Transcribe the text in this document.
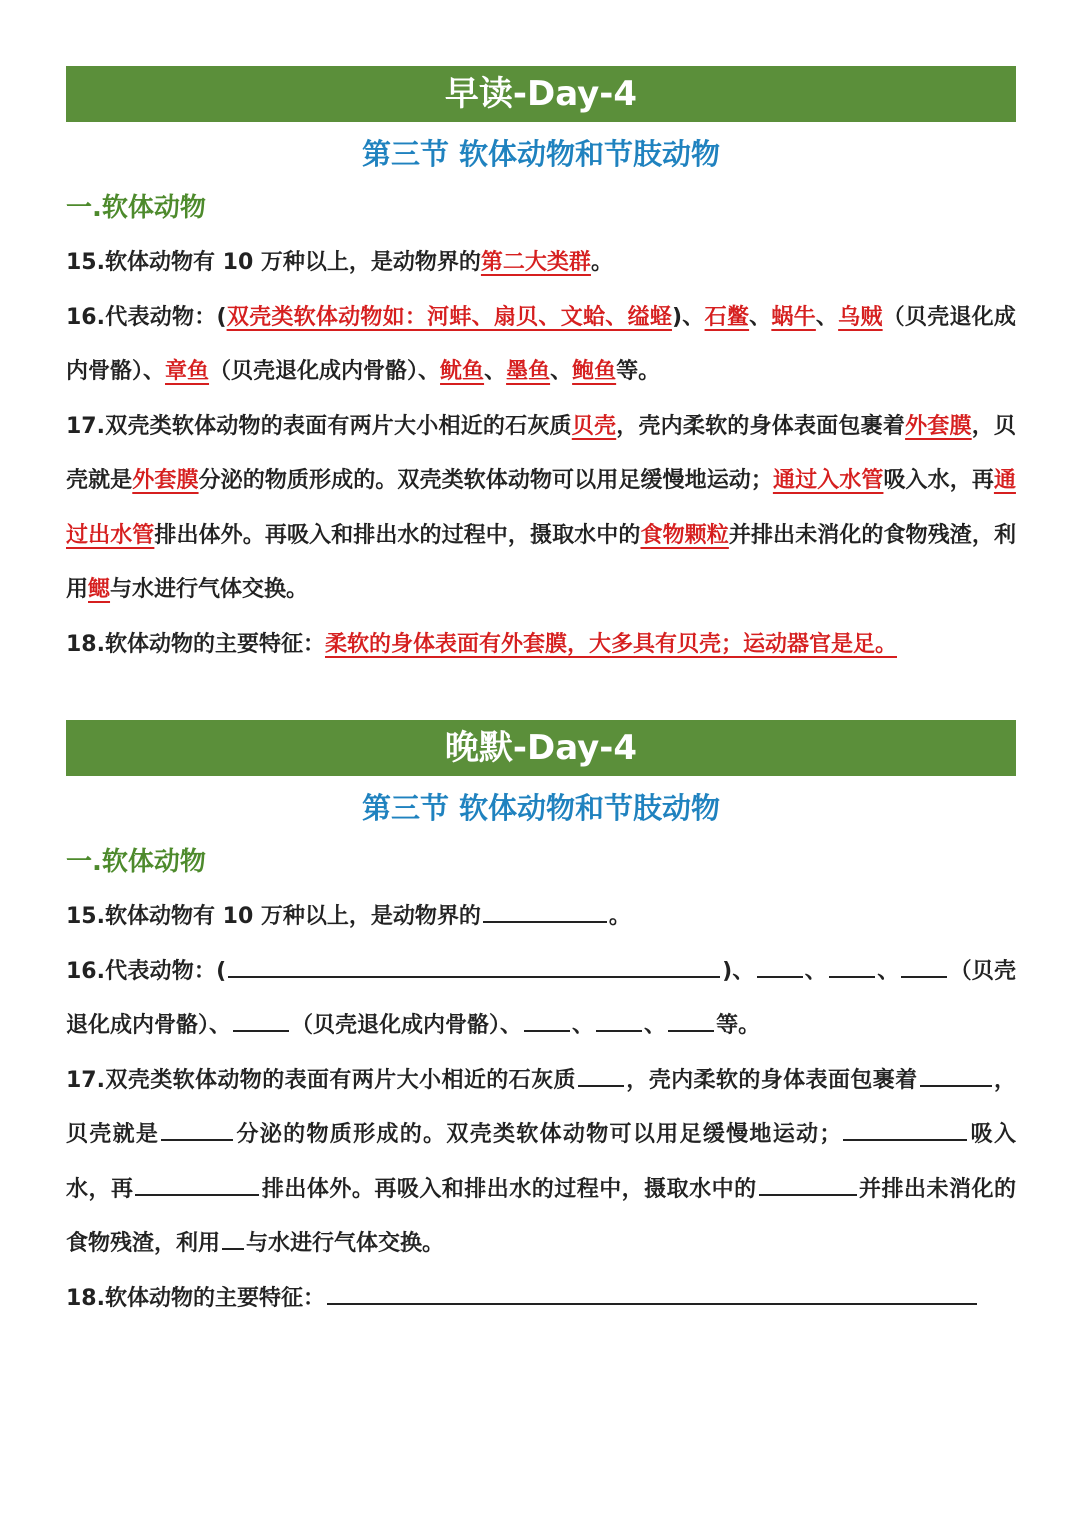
早读-Day-4
第三节 软体动物和节肢动物
一.软体动物
15.软体动物有 10 万种以上，是动物界的第二大类群。
16.代表动物：(双壳类软体动物如：河蚌、扇贝、文蛤、缢蛏)、石鳖、蜗牛、乌贼（贝壳退化成内骨骼）、章鱼（贝壳退化成内骨骼）、鱿鱼、墨鱼、鲍鱼等。
17.双壳类软体动物的表面有两片大小相近的石灰质贝壳，壳内柔软的身体表面包裹着外套膜，贝壳就是外套膜分泌的物质形成的。双壳类软体动物可以用足缓慢地运动；通过入水管吸入水，再通过出水管排出体外。再吸入和排出水的过程中，摄取水中的食物颗粒并排出未消化的食物残渣，利用鳃与水进行气体交换。
18.软体动物的主要特征：柔软的身体表面有外套膜，大多具有贝壳；运动器官是足。
晚默-Day-4
第三节 软体动物和节肢动物
一.软体动物
15.软体动物有 10 万种以上，是动物界的	。
16.代表动物：(	)、 、 、 （贝壳退化成内骨骼）、	（贝壳退化成内骨骼）、 、 、 等。
17.双壳类软体动物的表面有两片大小相近的石灰质 ，壳内柔软的身体表面包裹着	，贝壳就是	分泌的物质形成的。双壳类软体动物可以用足缓慢地运动；	吸入水，再	排出体外。再吸入和排出水的过程中，摄取水中的	并排出未消化的食物残渣，利用 与水进行气体交换。
18.软体动物的主要特征：
